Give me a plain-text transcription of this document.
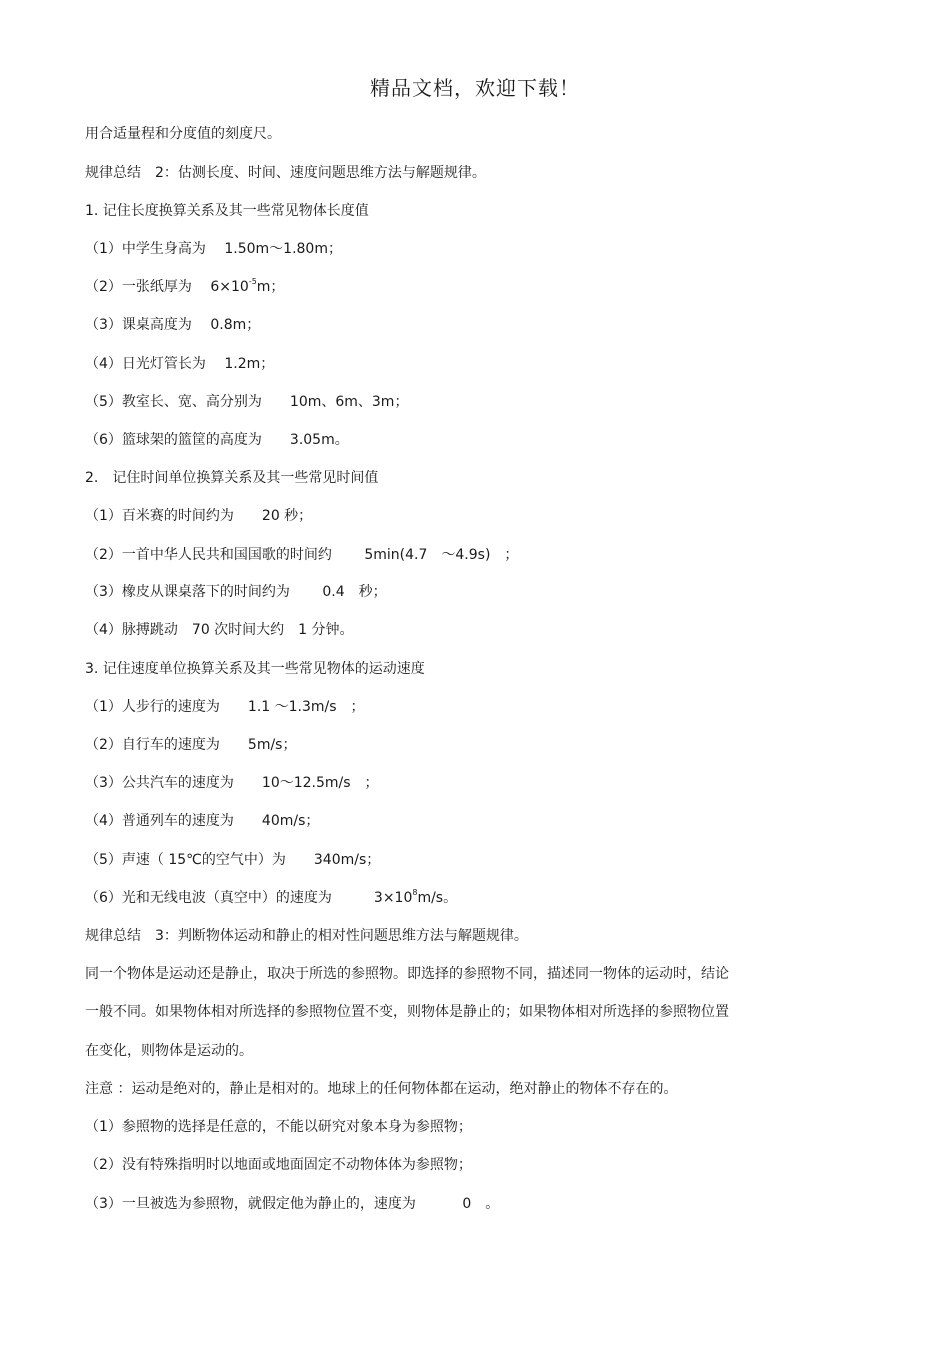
精品文档，欢迎下载！
用合适量程和分度值的刻度尺。
规律总结　2：估测长度、时间、速度问题思维方法与解题规律。
1. 记住长度换算关系及其一些常见物体长度值
（1）中学生身高为　 1.50m～1.80m；
（2）一张纸厚为　 $6\times 10^{-5}m$；
（3）课桌高度为　 0.8m；
（4）日光灯管长为　 1.2m；
（5）教室长、宽、高分别为　　10m、6m、3m；
（6）篮球架的篮筐的高度为　　3.05m。
2.　记住时间单位换算关系及其一些常见时间值
（1）百米赛的时间约为　　20 秒；
（2）一首中华人民共和国国歌的时间约　　 5min(4.7　～4.9s)　；
（3）橡皮从课桌落下的时间约为　　 0.4　秒；
（4）脉搏跳动　70 次时间大约　1 分钟。
3. 记住速度单位换算关系及其一些常见物体的运动速度
（1）人步行的速度为　　1.1 ～1.3m/s　；
（2）自行车的速度为　　5m/s；
（3）公共汽车的速度为　　10～12.5m/s　；
（4）普通列车的速度为　　40m/s；
（5）声速（ 15℃的空气中）为　　340m/s；
（6）光和无线电波（真空中）的速度为　　　$3\times 10^8m/s$。
规律总结　3：判断物体运动和静止的相对性问题思维方法与解题规律。
同一个物体是运动还是静止，取决于所选的参照物。即选择的参照物不同，描述同一物体的运动时，结论
一般不同。如果物体相对所选择的参照物位置不变，则物体是静止的；如果物体相对所选择的参照物位置
在变化，则物体是运动的。
注意 ：运动是绝对的，静止是相对的。地球上的任何物体都在运动，绝对静止的物体不存在的。
（1）参照物的选择是任意的，不能以研究对象本身为参照物；
（2）没有特殊指明时以地面或地面固定不动物体体为参照物；
（3）一旦被选为参照物，就假定他为静止的，速度为　　　 0　。
